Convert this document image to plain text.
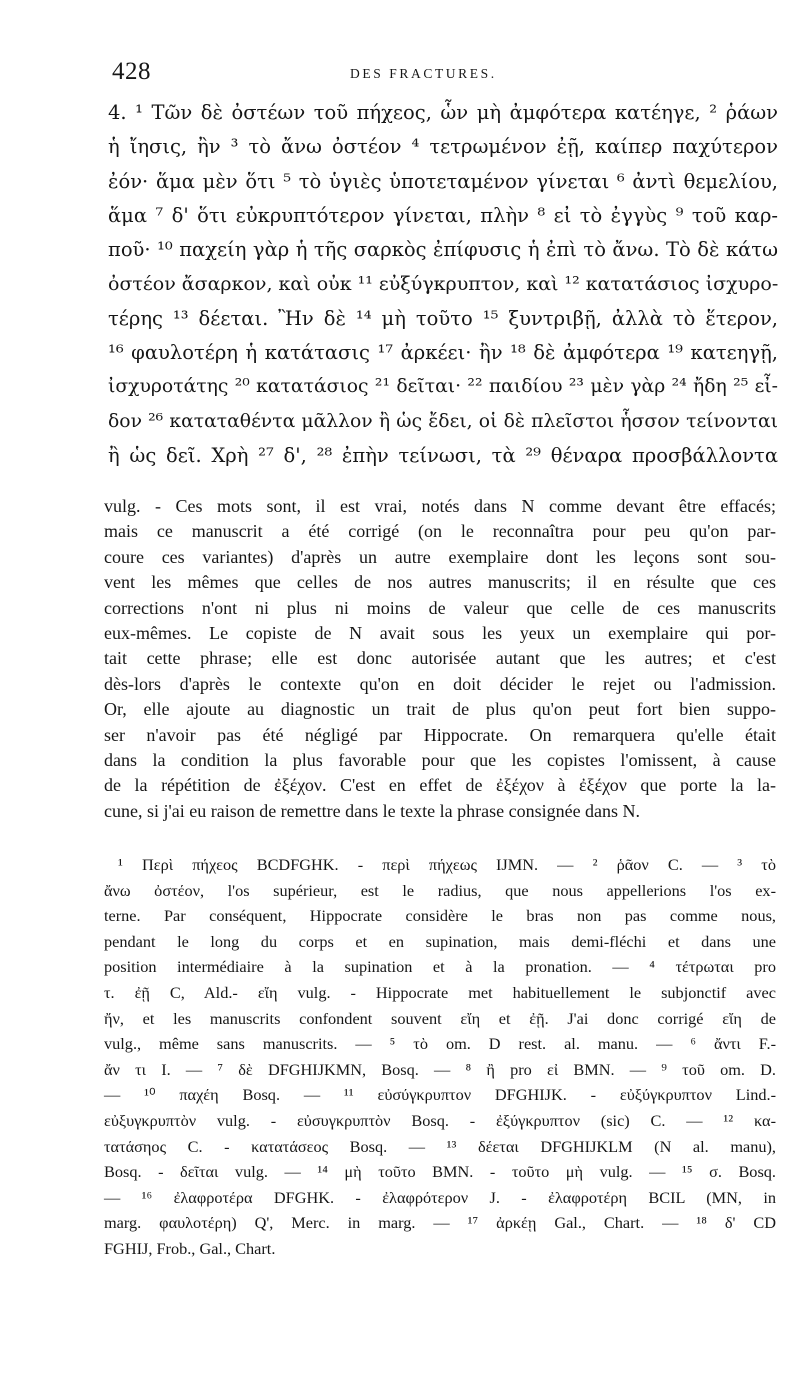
428	DES FRACTURES.
4. ¹ Τῶν δὲ ὀστέων τοῦ πήχεος, ὧν μὴ ἀμφότερα κατέηγε, ² ῥάων
ἡ ἴησις, ἢν ³ τὸ ἄνω ὀστέον ⁴ τετρωμένον ἐῇ, καίπερ παχύτερον
ἐόν· ἅμα μὲν ὅτι ⁵ τὸ ὑγιὲς ὑποτεταμένον γίνεται ⁶ ἀντὶ θεμελίου,
ἅμα ⁷ δ' ὅτι εὐκρυπτότερον γίνεται, πλὴν ⁸ εἰ τὸ ἐγγὺς ⁹ τοῦ καρ-
ποῦ· ¹⁰ παχείη γὰρ ἡ τῆς σαρκὸς ἐπίφυσις ἡ ἐπὶ τὸ ἄνω. Τὸ δὲ κάτω
ὀστέον ἄσαρκον, καὶ οὐκ ¹¹ εὐξύγκρυπτον, καὶ ¹² κατατάσιος ἰσχυρο-
τέρης ¹³ δέεται. Ἢν δὲ ¹⁴ μὴ τοῦτο ¹⁵ ξυντριβῇ, ἀλλὰ τὸ ἕτερον,
¹⁶ φαυλοτέρη ἡ κατάτασις ¹⁷ ἀρκέει· ἢν ¹⁸ δὲ ἀμφότερα ¹⁹ κατεηγῇ,
ἰσχυροτάτης ²⁰ κατατάσιος ²¹ δεῖται· ²² παιδίου ²³ μὲν γὰρ ²⁴ ἤδη ²⁵ εἶ-
δον ²⁶ καταταθέντα μᾶλλον ἢ ὡς ἔδει, οἱ δὲ πλεῖστοι ἧσσον τείνονται
ἢ ὡς δεῖ. Χρὴ ²⁷ δ', ²⁸ ἐπὴν τείνωσι, τὰ ²⁹ θέναρα προσβάλλοντα
vulg. - Ces mots sont, il est vrai, notés dans N comme devant être effacés;
mais ce manuscrit a été corrigé (on le reconnaîtra pour peu qu'on par-
coure ces variantes) d'après un autre exemplaire dont les leçons sont sou-
vent les mêmes que celles de nos autres manuscrits; il en résulte que ces
corrections n'ont ni plus ni moins de valeur que celle de ces manuscrits
eux-mêmes. Le copiste de N avait sous les yeux un exemplaire qui por-
tait cette phrase; elle est donc autorisée autant que les autres; et c'est
dès-lors d'après le contexte qu'on en doit décider le rejet ou l'admission.
Or, elle ajoute au diagnostic un trait de plus qu'on peut fort bien suppo-
ser n'avoir pas été négligé par Hippocrate. On remarquera qu'elle était
dans la condition la plus favorable pour que les copistes l'omissent, à cause
de la répétition de ἐξέχον. C'est en effet de ἐξέχον à ἐξέχον que porte la la-
cune, si j'ai eu raison de remettre dans le texte la phrase consignée dans N.
¹ Περὶ πήχεος BCDFGHK. - περὶ πήχεως IJMN. — ² ῥᾶον C. — ³ τὸ
ἄνω ὀστέον, l'os supérieur, est le radius, que nous appellerions l'os ex-
terne. Par conséquent, Hippocrate considère le bras non pas comme nous,
pendant le long du corps et en supination, mais demi-fléchi et dans une
position intermédiaire à la supination et à la pronation. — ⁴ τέτρωται pro
τ. ἐῇ C, Ald.- εἴη vulg. - Hippocrate met habituellement le subjonctif avec
ἤν, et les manuscrits confondent souvent εἴη et ἐῇ. J'ai donc corrigé εἴη de
vulg., même sans manuscrits. — ⁵ τὸ om. D rest. al. manu. — ⁶ ἄντι F.-
ἄν τι I. — ⁷ δὲ DFGHIJKMN, Bosq. — ⁸ ἢ pro εἰ BMN. — ⁹ τοῦ om. D.
— ¹⁰ παχέη Bosq. — ¹¹ εὐσύγκρυπτον DFGHIJK. - εὐξύγκρυπτον Lind.-
εὐξυγκρυπτὸν vulg. - εὐσυγκρυπτὸν Bosq. - ἐξύγκρυπτον (sic) C. — ¹² κα-
τατάσηος C. - κατατάσεος Bosq. — ¹³ δέεται DFGHIJKLM (N al. manu),
Bosq. - δεῖται vulg. — ¹⁴ μὴ τοῦτο BMN. - τοῦτο μὴ vulg. — ¹⁵ σ. Bosq.
— ¹⁶ ἐλαφροτέρα DFGHK. - ἐλαφρότερον J. - ἐλαφροτέρη BCIL (MN, in
marg. φαυλοτέρη) Q', Merc. in marg. — ¹⁷ ἀρκέῃ Gal., Chart. — ¹⁸ δ' CD
FGHIJ, Frob., Gal., Chart.
